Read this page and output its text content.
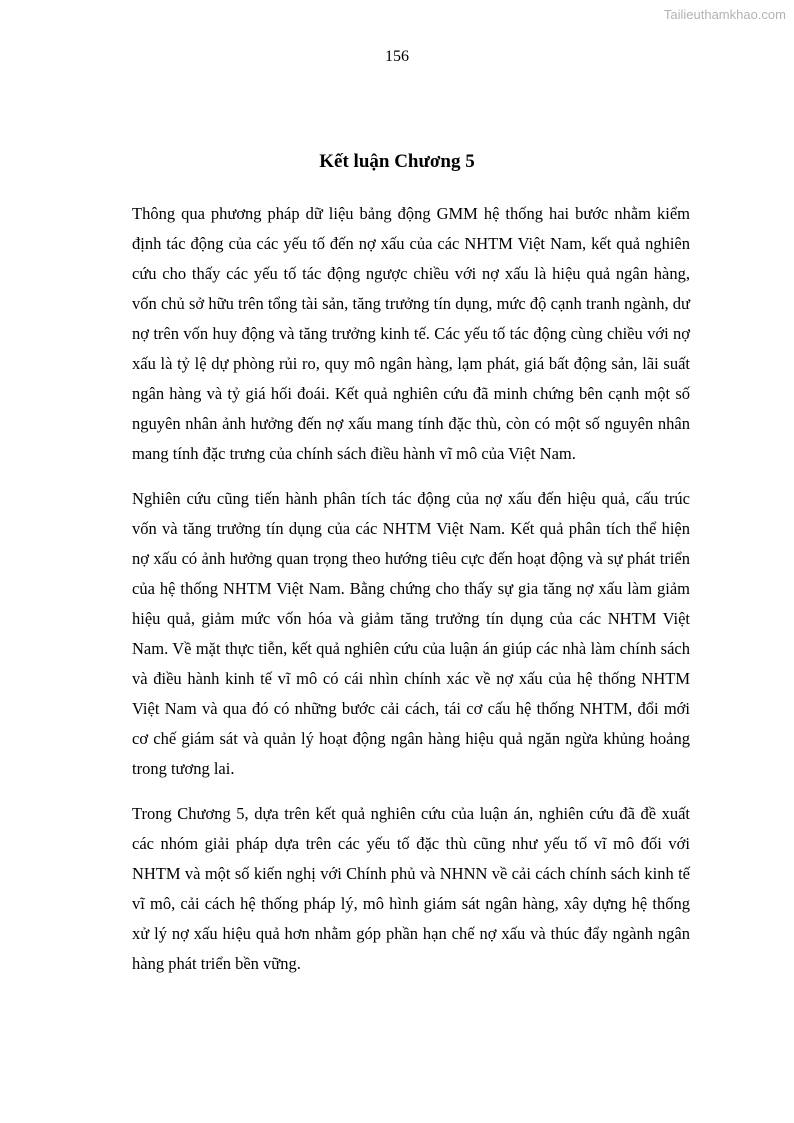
Tailieuthamkhao.com
156
Kết luận Chương 5

Thông qua phương pháp dữ liệu bảng động GMM hệ thống hai bước nhằm kiểm định tác động của các yếu tố đến nợ xấu của các NHTM Việt Nam, kết quả nghiên cứu cho thấy các yếu tố tác động ngược chiều với nợ xấu là hiệu quả ngân hàng, vốn chủ sở hữu trên tổng tài sản, tăng trưởng tín dụng, mức độ cạnh tranh ngành, dư nợ trên vốn huy động và tăng trưởng kinh tế. Các yếu tố tác động cùng chiều với nợ xấu là tỷ lệ dự phòng rủi ro, quy mô ngân hàng, lạm phát, giá bất động sản, lãi suất ngân hàng và tỷ giá hối đoái. Kết quả nghiên cứu đã minh chứng bên cạnh một số nguyên nhân ảnh hưởng đến nợ xấu mang tính đặc thù, còn có một số nguyên nhân mang tính đặc trưng của chính sách điều hành vĩ mô của Việt Nam.

Nghiên cứu cũng tiến hành phân tích tác động của nợ xấu đến hiệu quả, cấu trúc vốn và tăng trưởng tín dụng của các NHTM Việt Nam. Kết quả phân tích thể hiện nợ xấu có ảnh hưởng quan trọng theo hướng tiêu cực đến hoạt động và sự phát triển của hệ thống NHTM Việt Nam. Bằng chứng cho thấy sự gia tăng nợ xấu làm giảm hiệu quả, giảm mức vốn hóa và giảm tăng trưởng tín dụng của các NHTM Việt Nam. Về mặt thực tiễn, kết quả nghiên cứu của luận án giúp các nhà làm chính sách và điều hành kinh tế vĩ mô có cái nhìn chính xác về nợ xấu của hệ thống NHTM Việt Nam và qua đó có những bước cải cách, tái cơ cấu hệ thống NHTM, đổi mới cơ chế giám sát và quản lý hoạt động ngân hàng hiệu quả ngăn ngừa khủng hoảng trong tương lai.

Trong Chương 5, dựa trên kết quả nghiên cứu của luận án, nghiên cứu đã đề xuất các nhóm giải pháp dựa trên các yếu tố đặc thù cũng như yếu tố vĩ mô đối với NHTM và một số kiến nghị với Chính phủ và NHNN về cải cách chính sách kinh tế vĩ mô, cải cách hệ thống pháp lý, mô hình giám sát ngân hàng, xây dựng hệ thống xử lý nợ xấu hiệu quả hơn nhằm góp phần hạn chế nợ xấu và thúc đẩy ngành ngân hàng phát triển bền vững.
